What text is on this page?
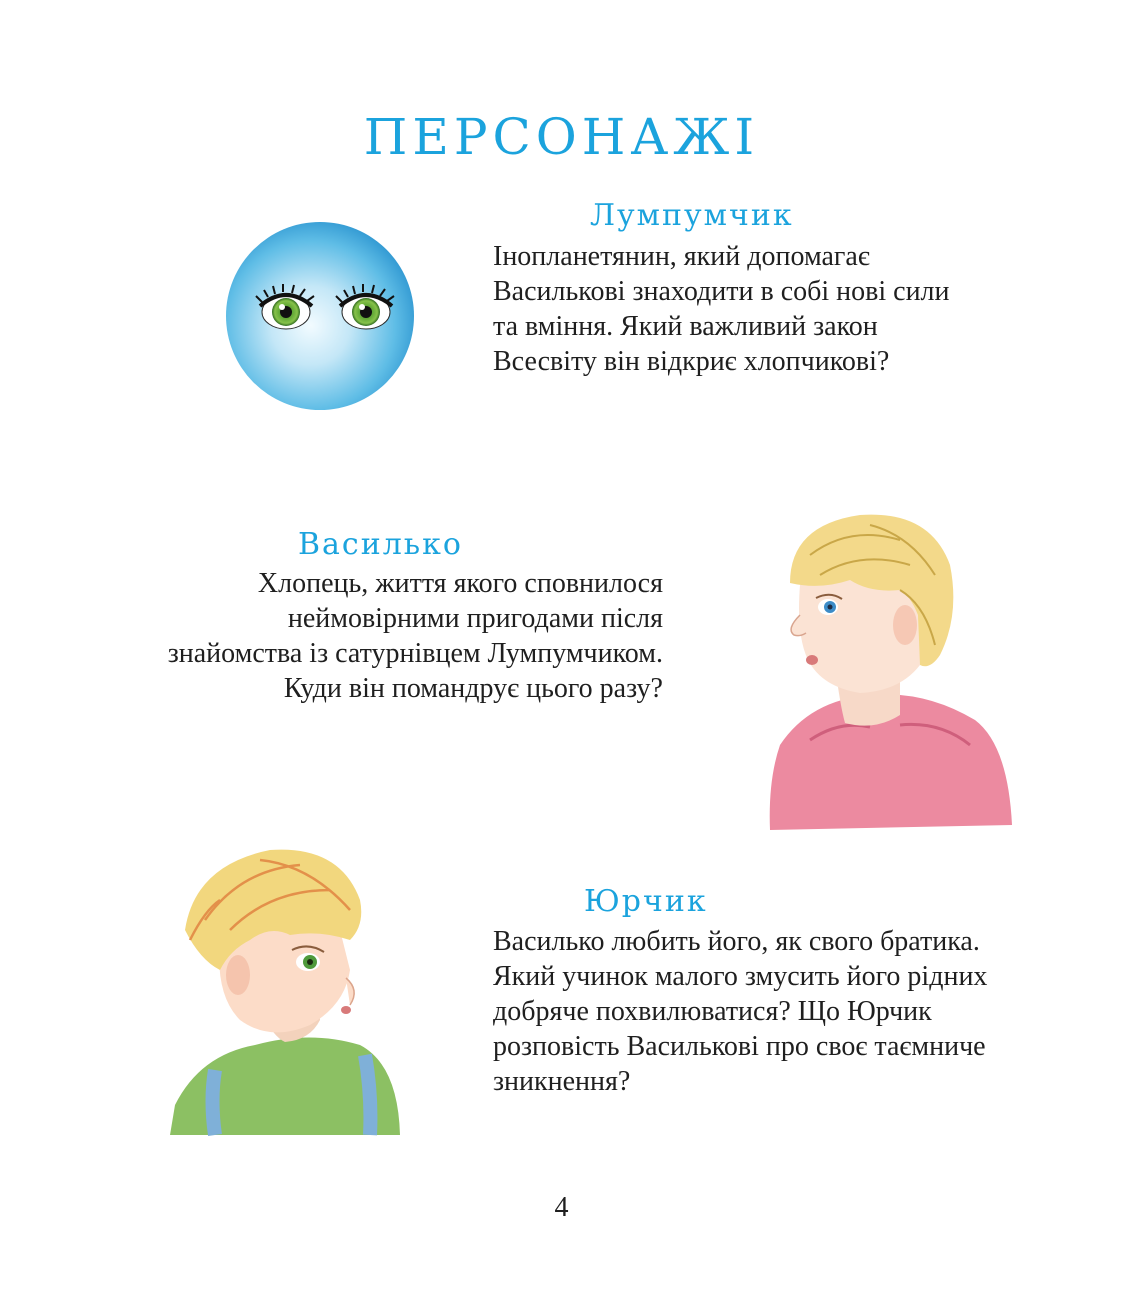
ПЕРСОНАЖІ
Лумпумчик

Інопланетянин, який допомагає
Василькові знаходити в собі нові сили
та вміння. Який важливий закон
Всесвіту він відкриє хлопчикові?

Василько

Хлопець, життя якого сповнилося
неймовірними пригодами після
знайомства із сатурнівцем Лумпумчиком.
Куди він помандрує цього разу?

Юрчик

Василько любить його, як свого братика.
Який учинок малого змусить його рідних
добряче похвилюватися? Що Юрчик
розповість Василькові про своє таємниче
зникнення?

4
